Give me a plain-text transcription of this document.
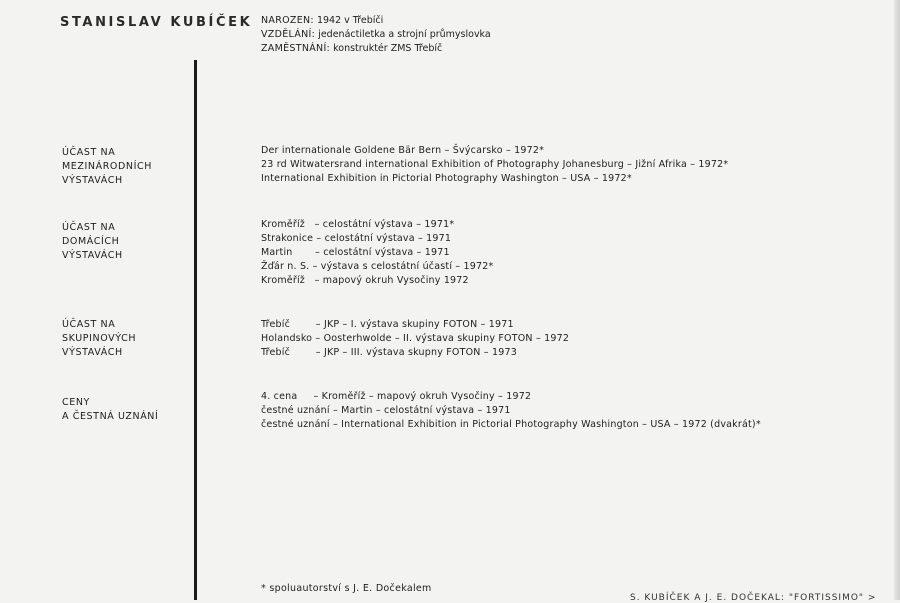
STANISLAV KUBÍČEK NAROZEN: 1942 v Třebíči
VZDĚLÁNÍ: jedenáctiletka a strojní průmyslovka
ZAMĚSTNÁNÍ: konstruktér ZMS Třebíč
ÚČAST NA
MEZINÁRODNÍCH
VÝSTAVÁCH
Der internationale Goldene Bär Bern – Švýcarsko – 1972*
23 rd Witwatersrand international Exhibition of Photography Johanesburg – Jižní Afrika – 1972*
International Exhibition in Pictorial Photography Washington – USA – 1972*
ÚČAST NA
DOMÁCÍCH
VÝSTAVÁCH
Kroměříž   – celostátní výstava – 1971*
Strakonice – celostátní výstava – 1971
Martin       – celostátní výstava – 1971
Žďár n. S. – výstava s celostátní účastí – 1972*
Kroměříž   – mapový okruh Vysočiny 1972
ÚČAST NA
SKUPINOVÝCH
VÝSTAVÁCH
Třebíč        – JKP – I. výstava skupiny FOTON – 1971
Holandsko – Oosterhwolde – II. výstava skupiny FOTON – 1972
Třebíč        – JKP – III. výstava skupny FOTON – 1973
CENY
A ČESTNÁ UZNÁNÍ
4. cena     – Kroměříž – mapový okruh Vysočiny – 1972
čestné uznání – Martin – celostátní výstava – 1971
čestné uznání – International Exhibition in Pictorial Photography Washington – USA – 1972 (dvakrát)*
* spoluautorství s J. E. Dočekalem
S. KUBÍČEK A J. E. DOČEKAL: "FORTISSIMO" >
